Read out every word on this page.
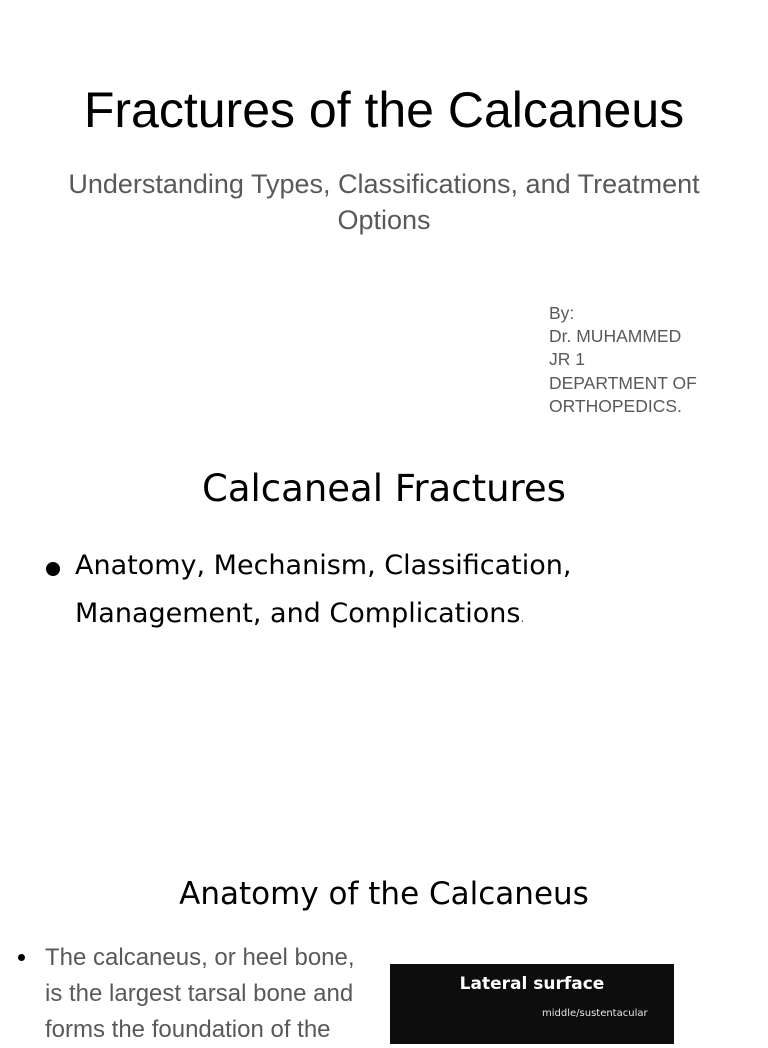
Fractures of the Calcaneus
Understanding Types, Classifications, and Treatment
Options
By:
Dr. MUHAMMED
JR 1
DEPARTMENT OF
ORTHOPEDICS.
Calcaneal Fractures
Anatomy, Mechanism, Classification,
Management, and Complications.
Anatomy of the Calcaneus
The calcaneus, or heel bone,
is the largest tarsal bone and
forms the foundation of the
Lateral surface
middle/sustentacular
